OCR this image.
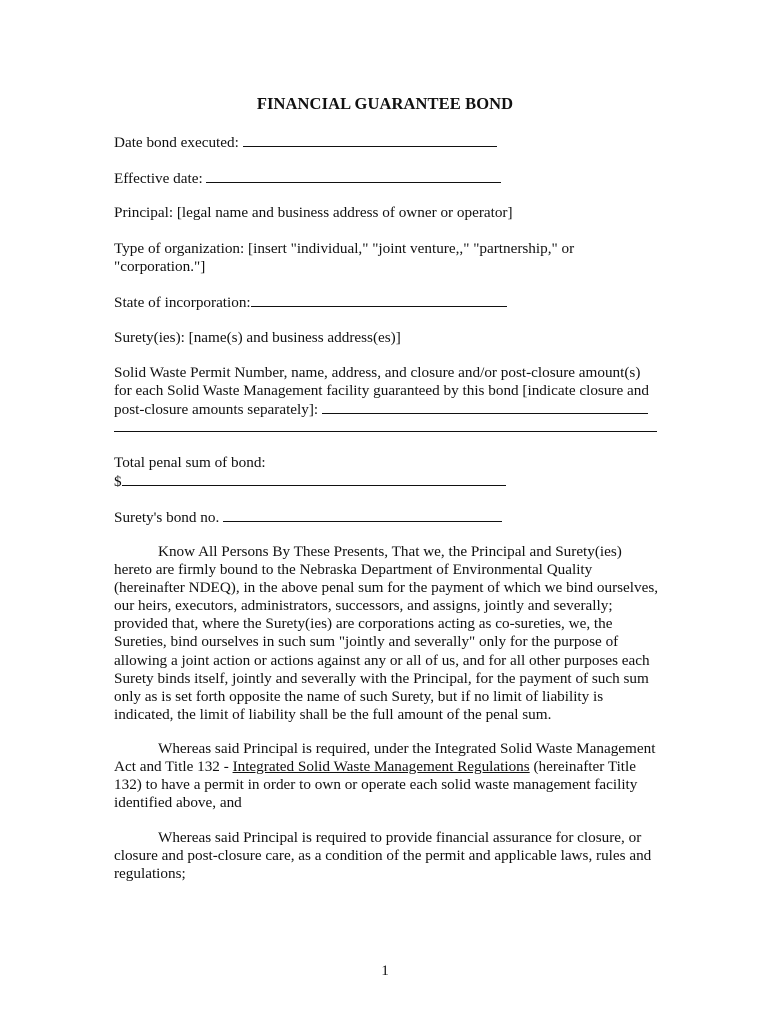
FINANCIAL GUARANTEE BOND
Date bond executed:
Effective date:
Principal: [legal name and business address of owner or operator]
Type of organization: [insert "individual," "joint venture,," "partnership," or
"corporation."]
State of incorporation:
Surety(ies): [name(s) and business address(es)]
Solid Waste Permit Number, name, address, and closure and/or post-closure amount(s)
for each Solid Waste Management facility guaranteed by this bond [indicate closure and
post-closure amounts separately]:
Total penal sum of bond:
$
Surety's bond no.
Know All Persons By These Presents, That we, the Principal and Surety(ies)
hereto are firmly bound to the Nebraska Department of Environmental Quality
(hereinafter NDEQ), in the above penal sum for the payment of which we bind ourselves,
our heirs, executors, administrators, successors, and assigns, jointly and severally;
provided that, where the Surety(ies) are corporations acting as co-sureties, we, the
Sureties, bind ourselves in such sum "jointly and severally" only for the purpose of
allowing a joint action or actions against any or all of us, and for all other purposes each
Surety binds itself, jointly and severally with the Principal, for the payment of such sum
only as is set forth opposite the name of such Surety, but if no limit of liability is
indicated, the limit of liability shall be the full amount of the penal sum.
Whereas said Principal is required, under the Integrated Solid Waste Management
Act and Title 132 - Integrated Solid Waste Management Regulations (hereinafter Title
132) to have a permit in order to own or operate each solid waste management facility
identified above, and
Whereas said Principal is required to provide financial assurance for closure, or
closure and post-closure care, as a condition of the permit and applicable laws, rules and
regulations;
1
